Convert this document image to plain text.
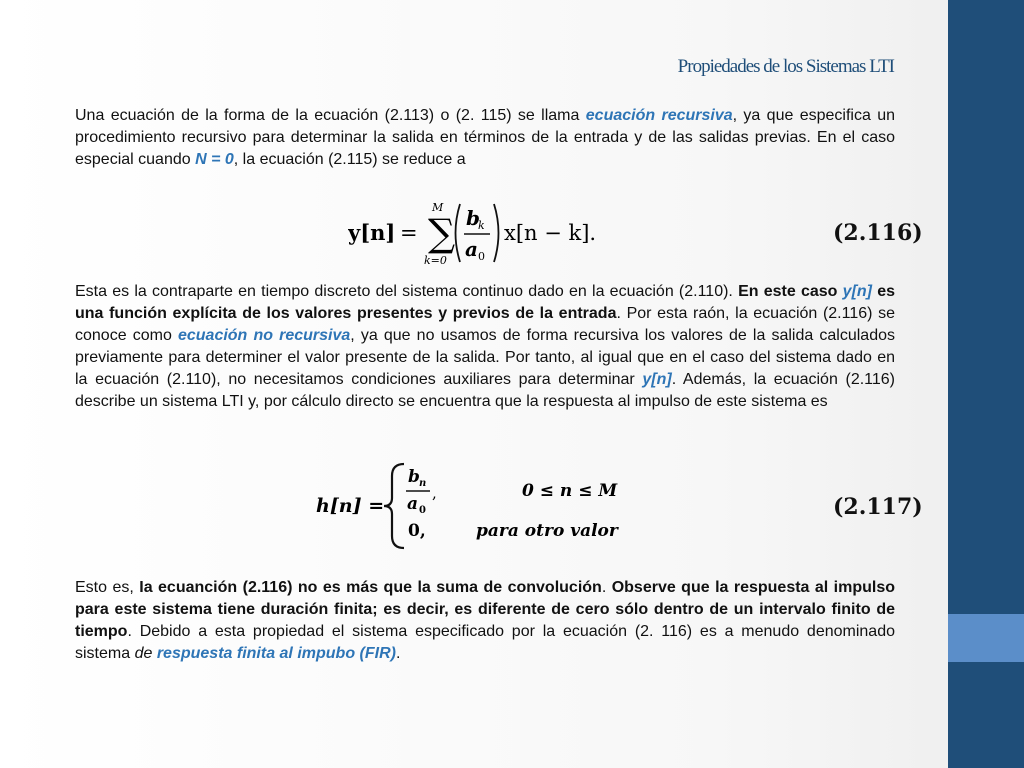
Propiedades de los Sistemas LTI

Una ecuación de la forma de la ecuación (2.113) o (2. 115) se llama ecuación recursiva, ya que especifica un procedimiento recursivo para determinar la salida en términos de la entrada y de las salidas previas. En el caso especial cuando N = 0, la ecuación (2.115) se reduce a

y[n] = ∑
M
k=0
b
k
a 0
x[n − k].	(2.116)

Esta es la contraparte en tiempo discreto del sistema continuo dado en la ecuación (2.110). En este caso y[n] es una función explícita de los valores presentes y previos de la entrada. Por esta raón, la ecuación (2.116) se conoce como ecuación no recursiva, ya que no usamos de forma recursiva los valores de la salida calculados previamente para determiner el valor presente de la salida. Por tanto, al igual que en el caso del sistema dado en la ecuación (2.110), no necesitamos condiciones auxiliares para determinar y[n]. Además, la ecuación (2.116) describe un sistema LTI y, por cálculo directo se encuentra que la respuesta al impulso de este sistema es

h[n] =
b n
a 0
,	0 ≤ n ≤ M
0,	para otro valor
(2.117)

Esto es, Ia ecuanción (2.116) no es más que la suma de convolución. Observe que la respuesta al impulso para este sistema tiene duración finita; es decir, es diferente de cero sólo dentro de un intervalo finito de tiempo. Debido a esta propiedad el sistema especificado por la ecuación (2. 116) es a menudo denominado sistema de respuesta finita al impubo (FIR).
